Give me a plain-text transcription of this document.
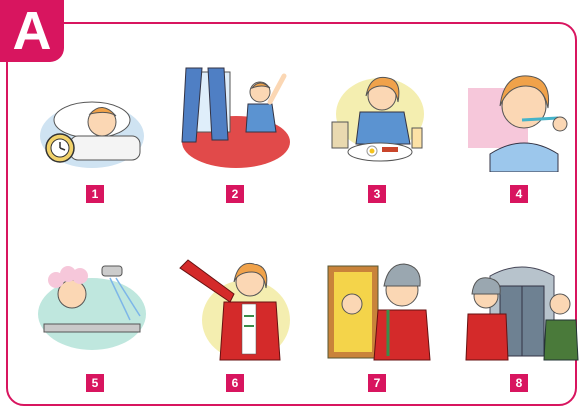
A
1	2	3	4
5	6	7	8
